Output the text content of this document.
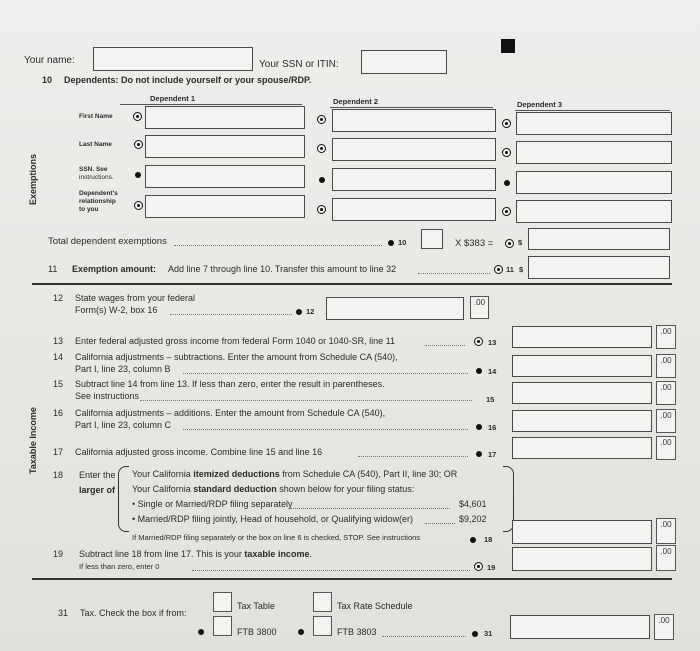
Your name:	Your SSN or ITIN:
10 Dependents: Do not include yourself or your spouse/RDP.
Dependent 1	Dependent 2	Dependent 3
Exemptions
First Name
Last Name
SSN. See
instructions.
Dependent's
relationship
to you
Total dependent exemptions	10	X $383 =	$
11 Exemption amount: Add line 7 through line 10. Transfer this amount to line 32	11 $
Taxable Income
12 State wages from your federal
Form(s) W-2, box 16	12
.00
13 Enter federal adjusted gross income from federal Form 1040 or 1040-SR, line 11	13
.00
14 California adjustments – subtractions. Enter the amount from Schedule CA (540),
Part I, line 23, column B	14
.00
15 Subtract line 14 from line 13. If less than zero, enter the result in parentheses.
See instructions	15
.00
16 California adjustments – additions. Enter the amount from Schedule CA (540),
Part I, line 23, column C	16
.00
17 California adjusted gross income. Combine line 15 and line 16	17
.00
18 Enter the
larger of
Your California itemized deductions from Schedule CA (540), Part II, line 30; OR
Your California standard deduction shown below for your filing status:
• Single or Married/RDP filing separately	$4,601
• Married/RDP filing jointly, Head of household, or Qualifying widow(er)	$9,202
If Married/RDP filing separately or the box on line 6 is checked, STOP. See instructions	18
.00
19 Subtract line 18 from line 17. This is your taxable income.
If less than zero, enter 0	19
.00
31 Tax. Check the box if from:
Tax Table	Tax Rate Schedule
FTB 3800	FTB 3803	31
.00
